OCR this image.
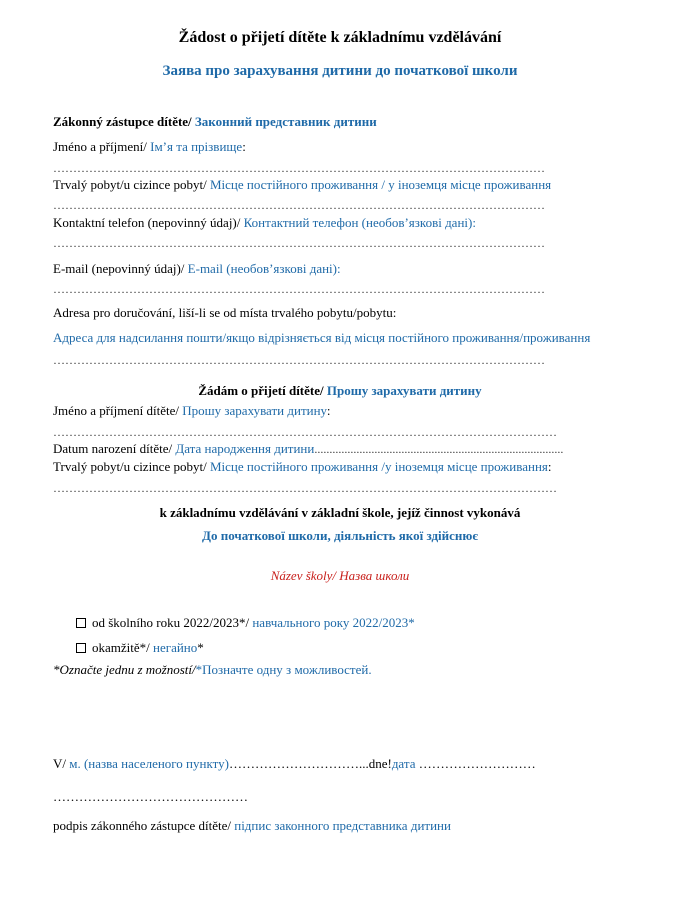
Žádost o přijetí dítěte k základnímu vzdělávání
Заява про зарахування дитини до початкової школи
Zákonný zástupce dítěte/ Законний представник дитини
Jméno a příjmení/ Ім’я та прізвище:
……………………………………………………………………………………………………………
Trvalý pobyt/u cizince pobyt/ Місце постійного проживання / у іноземця місце проживання
……………………………………………………………………………………………………………
Kontaktní telefon (nepovinný údaj)/ Контактний телефон (необов’язкові дані):
……………………………………………………………………………………………………………
E-mail (nepovinný údaj)/ E-mail (необов’язкові дані):
……………………………………………………………………………………………………………
Adresa pro doručování, liší-li se od místa trvalého pobytu/pobytu:
Адреса для надсилання пошти/якщо відрізняється від місця постійного проживання/проживання
……………………………………………………………………………………………………………
Žádám o přijetí dítěte/ Прошу зарахувати дитину
Jméno a příjmení dítěte/ Прошу зарахувати дитину:
………………………………………………………………………………………………………………
Datum narození dítěte/ Дата народження дитини...................................................................................
Trvalý pobyt/u cizince pobyt/ Місце постійного проживання /у іноземця місце проживання:
………………………………………………………………………………………………………………
k základnímu vzdělávání v základní škole, jejíž činnost vykonává
До початкової школи, діяльність якої здійснює
Název školy/ Назва школи
od školního roku 2022/2023*/ навчального року 2022/2023*
okamžitě*/ негайно*
*Označte jednu z možností/*Позначте одну з можливостей.
V/ м. (назва населеного пункту)…………………………...dne!дата ………………………
………………………………………
podpis zákonného zástupce dítěte/ підпис законного представника дитини
